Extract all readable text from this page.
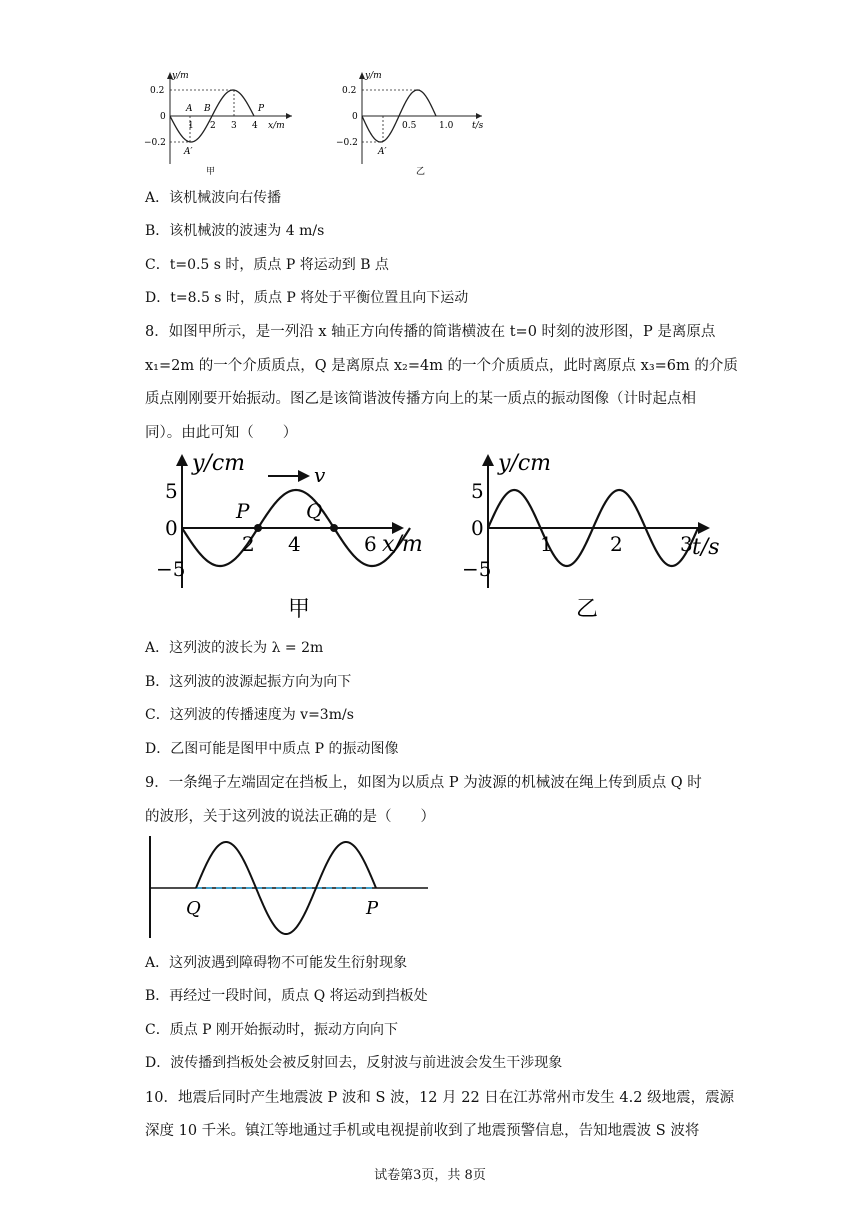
y/m
x/m
0.2
0
−0.2
1 2 3 4
A B	P
A′
甲
y/m
t/s
0.2
0
−0.2
0.5	1.0
A′
乙
A．该机械波向右传播
B．该机械波的波速为 4 m/s
C．t=0.5 s 时，质点 P 将运动到 B 点
D．t=8.5 s 时，质点 P 将处于平衡位置且向下运动
8．如图甲所示，是一列沿 x 轴正方向传播的简谐横波在 t=0 时刻的波形图，P 是离原点
x₁=2m 的一个介质质点，Q 是离原点 x₂=4m 的一个介质质点，此时离原点 x₃=6m 的介质
质点刚刚要开始振动。图乙是该简谐波传播方向上的某一质点的振动图像（计时起点相
同）。由此可知（　　）
y/cm
x/m
v
5
0
−5
2 4	6
P	Q
甲
y/cm
t/s
5
0
−5
1	2	3
乙
A．这列波的波长为 λ = 2m
B．这列波的波源起振方向为向下
C．这列波的传播速度为 v=3m/s
D．乙图可能是图甲中质点 P 的振动图像
9．一条绳子左端固定在挡板上，如图为以质点 P 为波源的机械波在绳上传到质点 Q 时
的波形，关于这列波的说法正确的是（　　）
Q	P
A．这列波遇到障碍物不可能发生衍射现象
B．再经过一段时间，质点 Q 将运动到挡板处
C．质点 P 刚开始振动时，振动方向向下
D．波传播到挡板处会被反射回去，反射波与前进波会发生干涉现象
10．地震后同时产生地震波 P 波和 S 波，12 月 22 日在江苏常州市发生 4.2 级地震，震源
深度 10 千米。镇江等地通过手机或电视提前收到了地震预警信息，告知地震波 S 波将
试卷第3页，共 8页
